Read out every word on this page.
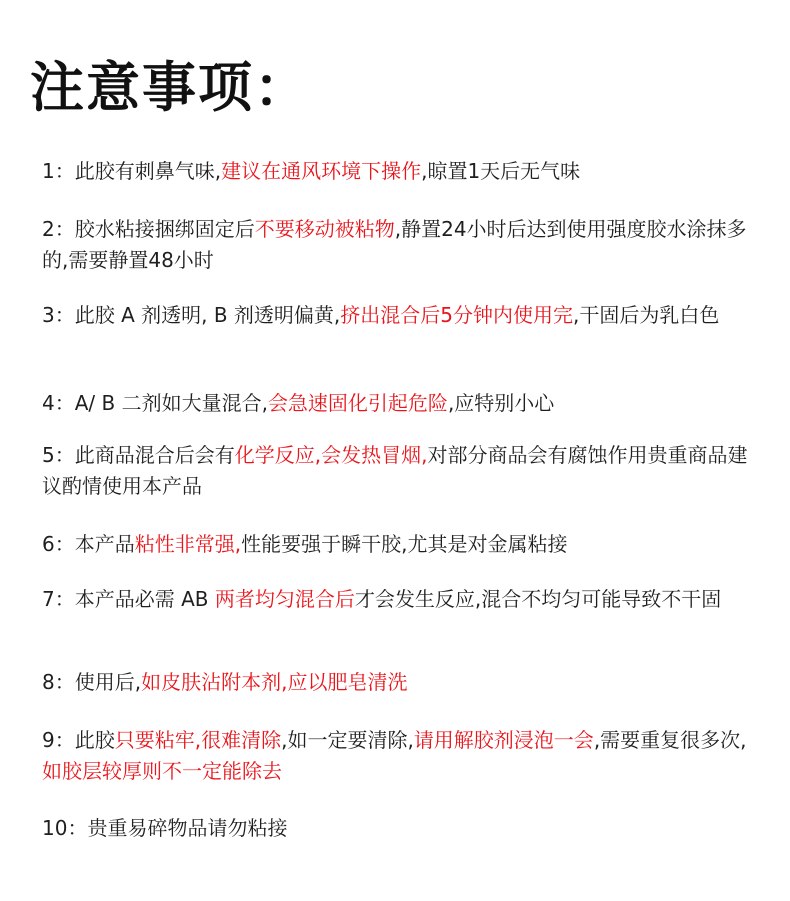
注意事项：
1：此胶有刺鼻气味,建议在通风环境下操作,晾置1天后无气味
2：胶水粘接捆绑固定后不要移动被粘物,静置24小时后达到使用强度胶水涂抹多的,需要静置48小时
3：此胶 A 剂透明, B 剂透明偏黄,挤出混合后5分钟内使用完,干固后为乳白色
4：A/ B 二剂如大量混合,会急速固化引起危险,应特别小心
5：此商品混合后会有化学反应,会发热冒烟,对部分商品会有腐蚀作用贵重商品建议酌情使用本产品
6：本产品粘性非常强,性能要强于瞬干胶,尤其是对金属粘接
7：本产品必需 AB 两者均匀混合后才会发生反应,混合不均匀可能导致不干固
8：使用后,如皮肤沾附本剂,应以肥皂清洗
9：此胶只要粘牢,很难清除,如一定要清除,请用解胶剂浸泡一会,需要重复很多次,如胶层较厚则不一定能除去
10：贵重易碎物品请勿粘接
